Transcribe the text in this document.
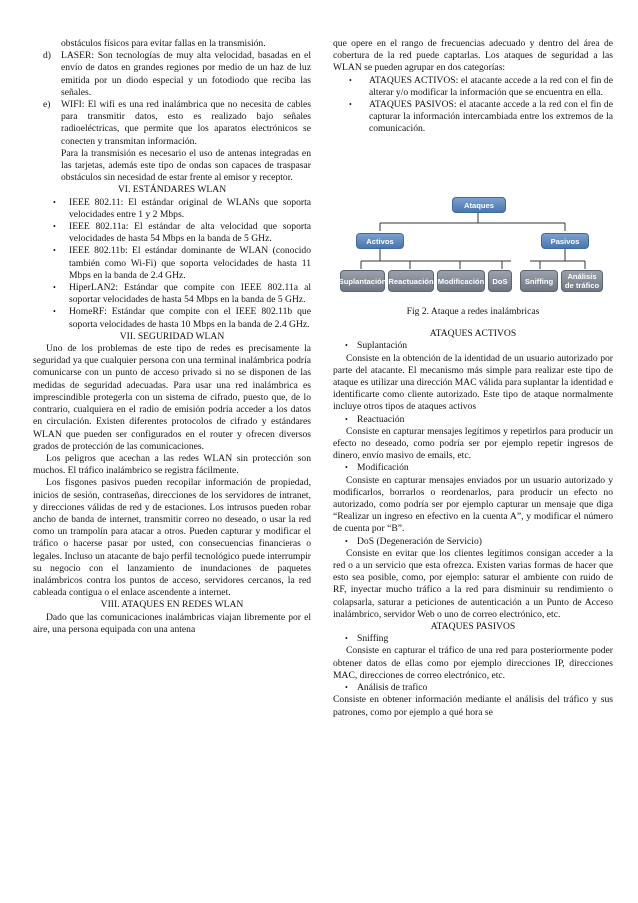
obstáculos físicos para evitar fallas en la transmisión.

d)	LASER: Son tecnologías de muy alta velocidad, basadas en el envío de datos en grandes regiones por medio de un haz de luz emitida por un diodo especial y un fotodiodo que reciba las señales.
e)	WIFI: El wifi es una red inalámbrica que no necesita de cables para transmitir datos, esto es realizado bajo señales radioeléctricas, que permite que los aparatos electrónicos se conecten y transmitan información.

Para la transmisión es necesario el uso de antenas integradas en las tarjetas, además este tipo de ondas son capaces de traspasar obstáculos sin necesidad de estar frente al emisor y receptor.

VI. ESTÁNDARES WLAN

•	IEEE 802.11: El estándar original de WLANs que soporta velocidades entre 1 y 2 Mbps.
•	IEEE 802.11a: El estándar de alta velocidad que soporta velocidades de hasta 54 Mbps en la banda de 5 GHz.
•	IEEE 802.11b: El estándar dominante de WLAN (conocido también como Wi-Fi) que soporta velocidades de hasta 11 Mbps en la banda de 2.4 GHz.
•	HiperLAN2: Estándar que compite con IEEE 802.11a al soportar velocidades de hasta 54 Mbps en la banda de 5 GHz.
•	HomeRF: Estándar que compite con el IEEE 802.11b que soporta velocidades de hasta 10 Mbps en la banda de 2.4 GHz.

VII. SEGURIDAD WLAN

Uno de los problemas de este tipo de redes es precisamente la seguridad ya que cualquier persona con una terminal inalámbrica podría comunicarse con un punto de acceso privado si no se disponen de las medidas de seguridad adecuadas. Para usar una red inalámbrica es imprescindible protegerla con un sistema de cifrado, puesto que, de lo contrario, cualquiera en el radio de emisión podría acceder a los datos en circulación. Existen diferentes protocolos de cifrado y estándares WLAN que pueden ser configurados en el router y ofrecen diversos grados de protección de las comunicaciones.

Los peligros que acechan a las redes WLAN sin protección son muchos. El tráfico inalámbrico se registra fácilmente.

Los fisgones pasivos pueden recopilar información de propiedad, inicios de sesión, contraseñas, direcciones de los servidores de intranet, y direcciones válidas de red y de estaciones. Los intrusos pueden robar ancho de banda de internet, transmitir correo no deseado, o usar la red como un trampolín para atacar a otros. Pueden capturar y modificar el tráfico o hacerse pasar por usted, con consecuencias financieras o legales. Incluso un atacante de bajo perfil tecnológico puede interrumpir su negocio con el lanzamiento de inundaciones de paquetes inalámbricos contra los puntos de acceso, servidores cercanos, la red cableada contigua o el enlace ascendente a internet.

VIII. ATAQUES EN REDES WLAN

Dado que las comunicaciones inalámbricas viajan libremente por el aire, una persona equipada con una antena

que opere en el rango de frecuencias adecuado y dentro del área de cobertura de la red puede captarlas. Los ataques de seguridad a las WLAN se pueden agrupar en dos categorías:

•	ATAQUES ACTIVOS: el atacante accede a la red con el fin de alterar y/o modificar la información que se encuentra en ella.
•	ATAQUES PASIVOS: el atacante accede a la red con el fin de capturar la información intercambiada entre los extremos de la comunicación.
Ataques
Activos	Pasivos
Suplantación Reactuación Modificación	DoS	Sniffing	Análisis de tráfico

Fig 2. Ataque a redes inalámbricas

ATAQUES ACTIVOS

• Suplantación

Consiste en la obtención de la identidad de un usuario autorizado por parte del atacante. El mecanismo más simple para realizar este tipo de ataque es utilizar una dirección MAC válida para suplantar la identidad e identificarte como cliente autorizado. Este tipo de ataque normalmente incluye otros tipos de ataques activos

• Reactuación

Consiste en capturar mensajes legítimos y repetirlos para producir un efecto no deseado, como podría ser por ejemplo repetir ingresos de dinero, envío masivo de emails, etc.

• Modificación

Consiste en capturar mensajes enviados por un usuario autorizado y modificarlos, borrarlos o reordenarlos, para producir un efecto no autorizado, como podría ser por ejemplo capturar un mensaje que diga “Realizar un ingreso en efectivo en la cuenta A”, y modificar el número de cuenta por “B”.

• DoS (Degeneración de Servicio)

Consiste en evitar que los clientes legítimos consigan acceder a la red o a un servicio que esta ofrezca. Existen varias formas de hacer que esto sea posible, como, por ejemplo: saturar el ambiente con ruido de RF, inyectar mucho tráfico a la red para disminuir su rendimiento o colapsarla, saturar a peticiones de autenticación a un Punto de Acceso inalámbrico, servidor Web o uno de correo electrónico, etc.

ATAQUES PASIVOS

• Sniffing

Consiste en capturar el tráfico de una red para posteriormente poder obtener datos de ellas como por ejemplo direcciones IP, direcciones MAC, direcciones de correo electrónico, etc.

• Análisis de trafico

Consiste en obtener información mediante el análisis del tráfico y sus patrones, como por ejemplo a qué hora se
